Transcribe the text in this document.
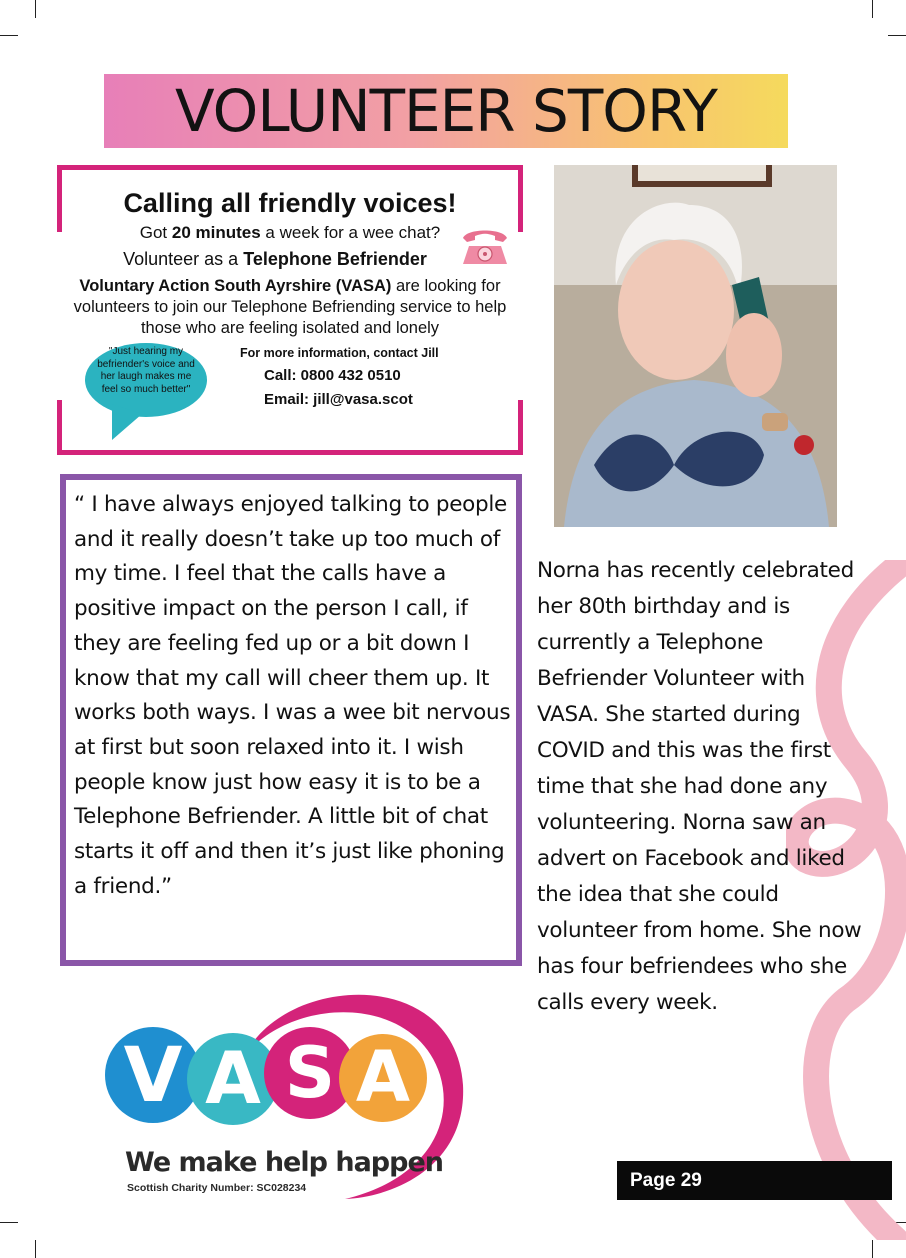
VOLUNTEER STORY
Calling all friendly voices!
Got 20 minutes a week for a wee chat?
Volunteer as a Telephone Befriender
Voluntary Action South Ayrshire (VASA) are looking for volunteers to join our Telephone Befriending service to help those who are feeling isolated and lonely
"Just hearing my befriender's voice and her laugh makes me feel so much better"
For more information, contact Jill
Call: 0800 432 0510
Email: jill@vasa.scot

“ I have always enjoyed talking to people and it really doesn’t take up too much of my time. I feel that the calls have a positive impact on the person I call, if they are feeling fed up or a bit down I know that my call will cheer them up. It works both ways. I was a wee bit nervous at first but soon relaxed into it. I wish people know just how easy it is to be a Telephone Befriender. A little bit of chat starts it off and then it’s just like phoning a friend.”

Norna has recently celebrated her 80th birthday and is currently a Telephone Befriender Volunteer with VASA. She started during COVID and this was the first time that she had done any volunteering. Norna saw an advert on Facebook and liked the idea that she could volunteer from home. She now has four befriendees who she calls every week.

V A S A
We make help happen
Scottish Charity Number: SC028234	Page 29
